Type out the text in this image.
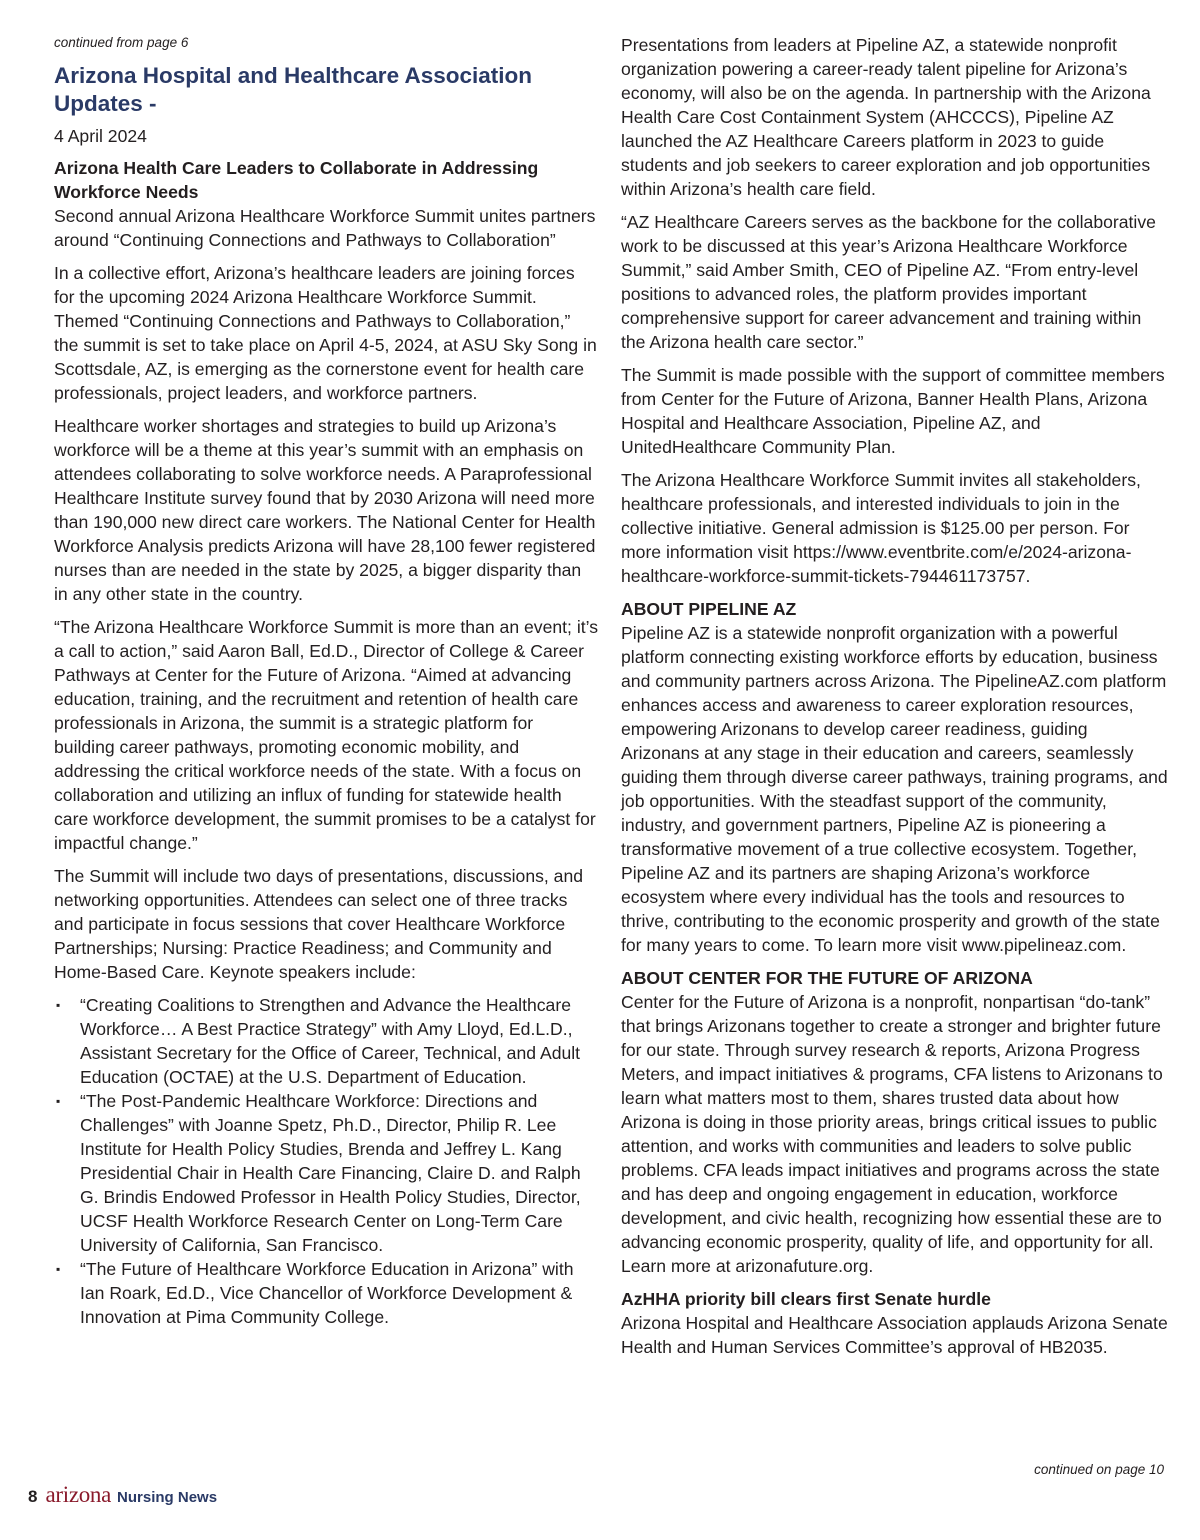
continued from page 6
Arizona Hospital and Healthcare Association Updates -
4 April 2024

Arizona Health Care Leaders to Collaborate in Addressing Workforce Needs
Second annual Arizona Healthcare Workforce Summit unites partners around “Continuing Connections and Pathways to Collaboration”

In a collective effort, Arizona’s healthcare leaders are joining forces for the upcoming 2024 Arizona Healthcare Workforce Summit. Themed “Continuing Connections and Pathways to Collaboration,” the summit is set to take place on April 4-5, 2024, at ASU Sky Song in Scottsdale, AZ, is emerging as the cornerstone event for health care professionals, project leaders, and workforce partners.

Healthcare worker shortages and strategies to build up Arizona’s workforce will be a theme at this year’s summit with an emphasis on attendees collaborating to solve workforce needs. A Paraprofessional Healthcare Institute survey found that by 2030 Arizona will need more than 190,000 new direct care workers. The National Center for Health Workforce Analysis predicts Arizona will have 28,100 fewer registered nurses than are needed in the state by 2025, a bigger disparity than in any other state in the country.

“The Arizona Healthcare Workforce Summit is more than an event; it’s a call to action,” said Aaron Ball, Ed.D., Director of College & Career Pathways at Center for the Future of Arizona. “Aimed at advancing education, training, and the recruitment and retention of health care professionals in Arizona, the summit is a strategic platform for building career pathways, promoting economic mobility, and addressing the critical workforce needs of the state. With a focus on collaboration and utilizing an influx of funding for statewide health care workforce development, the summit promises to be a catalyst for impactful change.”

The Summit will include two days of presentations, discussions, and networking opportunities. Attendees can select one of three tracks and participate in focus sessions that cover Healthcare Workforce Partnerships; Nursing: Practice Readiness; and Community and Home-Based Care. Keynote speakers include:

▪ “Creating Coalitions to Strengthen and Advance the Healthcare Workforce… A Best Practice Strategy” with Amy Lloyd, Ed.L.D., Assistant Secretary for the Office of Career, Technical, and Adult Education (OCTAE) at the U.S. Department of Education.
▪ “The Post-Pandemic Healthcare Workforce: Directions and Challenges” with Joanne Spetz, Ph.D., Director, Philip R. Lee Institute for Health Policy Studies, Brenda and Jeffrey L. Kang Presidential Chair in Health Care Financing, Claire D. and Ralph G. Brindis Endowed Professor in Health Policy Studies, Director, UCSF Health Workforce Research Center on Long-Term Care University of California, San Francisco.
▪ “The Future of Healthcare Workforce Education in Arizona” with Ian Roark, Ed.D., Vice Chancellor of Workforce Development & Innovation at Pima Community College.

Presentations from leaders at Pipeline AZ, a statewide nonprofit organization powering a career-ready talent pipeline for Arizona’s economy, will also be on the agenda. In partnership with the Arizona Health Care Cost Containment System (AHCCCS), Pipeline AZ launched the AZ Healthcare Careers platform in 2023 to guide students and job seekers to career exploration and job opportunities within Arizona’s health care field.

“AZ Healthcare Careers serves as the backbone for the collaborative work to be discussed at this year’s Arizona Healthcare Workforce Summit,” said Amber Smith, CEO of Pipeline AZ. “From entry-level positions to advanced roles, the platform provides important comprehensive support for career advancement and training within the Arizona health care sector.”

The Summit is made possible with the support of committee members from Center for the Future of Arizona, Banner Health Plans, Arizona Hospital and Healthcare Association, Pipeline AZ, and UnitedHealthcare Community Plan.

The Arizona Healthcare Workforce Summit invites all stakeholders, healthcare professionals, and interested individuals to join in the collective initiative. General admission is $125.00 per person. For more information visit https://www.eventbrite.com/e/2024-arizona-healthcare-workforce-summit-tickets-794461173757.

ABOUT PIPELINE AZ
Pipeline AZ is a statewide nonprofit organization with a powerful platform connecting existing workforce efforts by education, business and community partners across Arizona. The PipelineAZ.com platform enhances access and awareness to career exploration resources, empowering Arizonans to develop career readiness, guiding Arizonans at any stage in their education and careers, seamlessly guiding them through diverse career pathways, training programs, and job opportunities. With the steadfast support of the community, industry, and government partners, Pipeline AZ is pioneering a transformative movement of a true collective ecosystem. Together, Pipeline AZ and its partners are shaping Arizona’s workforce ecosystem where every individual has the tools and resources to thrive, contributing to the economic prosperity and growth of the state for many years to come. To learn more visit www.pipelineaz.com.

ABOUT CENTER FOR THE FUTURE OF ARIZONA
Center for the Future of Arizona is a nonprofit, nonpartisan “do-tank” that brings Arizonans together to create a stronger and brighter future for our state. Through survey research & reports, Arizona Progress Meters, and impact initiatives & programs, CFA listens to Arizonans to learn what matters most to them, shares trusted data about how Arizona is doing in those priority areas, brings critical issues to public attention, and works with communities and leaders to solve public problems. CFA leads impact initiatives and programs across the state and has deep and ongoing engagement in education, workforce development, and civic health, recognizing how essential these are to advancing economic prosperity, quality of life, and opportunity for all. Learn more at arizonafuture.org.

AzHHA priority bill clears first Senate hurdle
Arizona Hospital and Healthcare Association applauds Arizona Senate Health and Human Services Committee’s approval of HB2035.

continued on page 10
8 arizona Nursing News
